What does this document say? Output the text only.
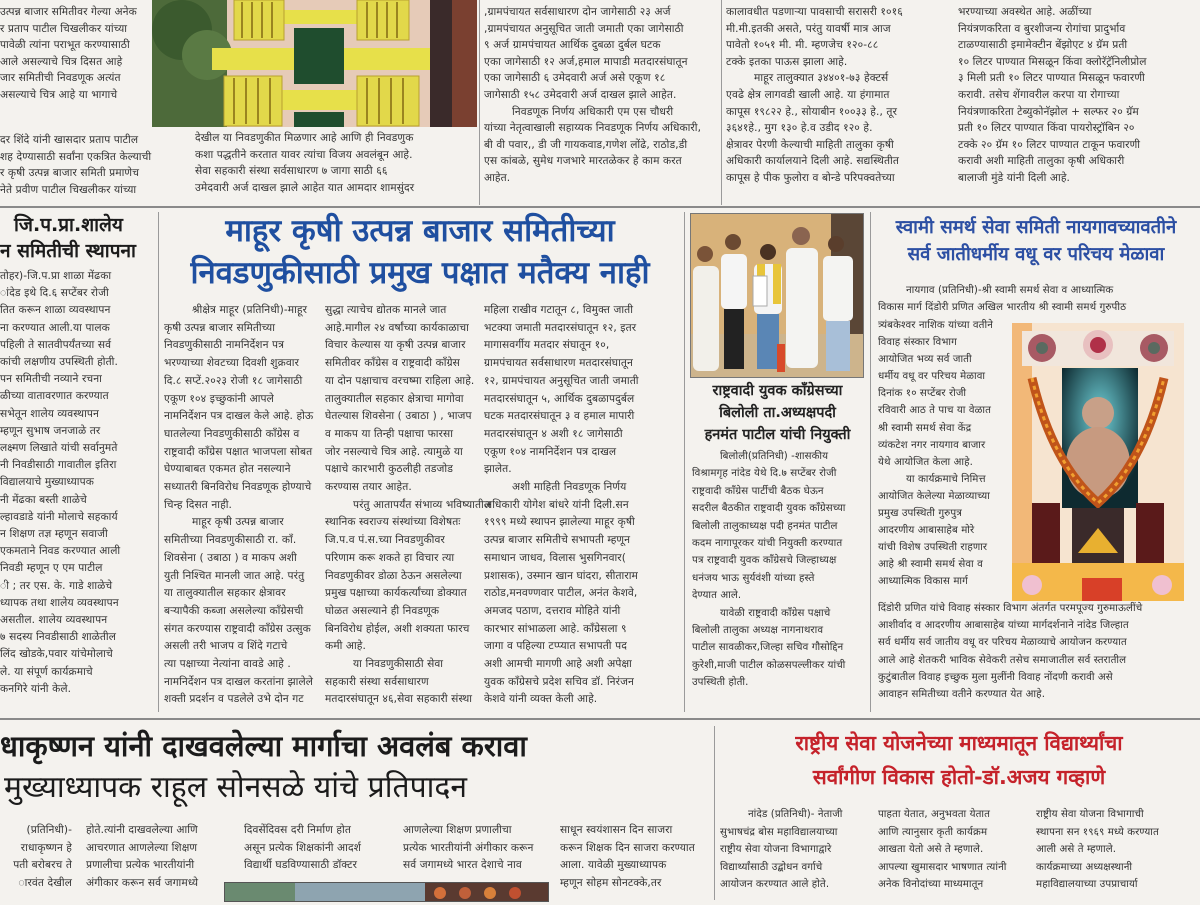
उत्पन्न बाजार समितीवर गेल्या अनेक

र प्रताप पाटील चिखलीकर यांच्या

पावेळी त्यांना पराभूत करण्यासाठी

आले असल्याचे चित्र दिसत आहे

जार समितीची निवडणूक अत्यंत

असल्याचे चित्र आहे या भागाचे

दर शिंदे यांनी खासदार प्रताप पाटील

शह देण्यासाठी सर्वांना एकत्रित केल्याची

र कृषी उत्पन्न बाजार समिती प्रमाणेच

नेते प्रवीण पाटील चिखलीकर यांच्या

देखील या निवडणुकीत मिळणार आहे आणि ही निवडणुक

कशा पद्धतीने करतात यावर त्यांचा विजय अवलंबून आहे.

सेवा सहकारी संस्था सर्वसाधारण ७ जागा साठी ६६

उमेदवारी अर्ज दाखल झाले आहेत यात आमदार शामसुंदर

,ग्रामपंचायत सर्वसाधारण दोन जागेसाठी २३ अर्ज

,ग्रामपंचायत अनुसूचित जाती जमाती एका जागेसाठी

९ अर्ज ग्रामपंचायत आर्थिक दुबळा दुर्बल घटक

एका जागेसाठी १२ अर्ज,हमाल मापाडी मतदारसंघातून

एका जागेसाठी ६ उमेदवारी अर्ज असे एकूण १८

जागेसाठी १५८ उमेदवारी अर्ज दाखल झाले आहेत.

निवडणूक निर्णय अधिकारी एम एस चौधरी

यांच्या नेतृत्वाखाली सहाय्यक निवडणूक निर्णय अधिकारी,

बी वी पवार,, डी जी गायकवाड,गणेश लोंढे, राठोड,डी

एस कांबळे, सुमेध गजभारे मारतळेकर हे काम करत

आहेत.

कालावधीत पडणाऱ्या पावसाची सरासरी १०१६

मी.मी.इतकी असते, परंतु यावर्षी मात्र आज

पावेतो १०५१ मी. मी. म्हणजेच १२०-८८

टक्के इतका पाऊस झाला आहे.

माहूर तालुक्यात ३४४०१-७३ हेक्टर्स

एवढे क्षेत्र लागवडी खाली आहे. या हंगामात

कापूस १९८२२ हे., सोयाबीन १००३३ हे., तूर

३६४१हे., मुग १३० हे.व उडीद १२० हे.

क्षेत्रावर पेरणी केल्याची माहिती तालुका कृषी

अधिकारी कार्यालयाने दिली आहे. सद्यस्थितीत

कापूस हे पीक फुलोरा व बोन्डे परिपक्वतेच्या

भरण्याच्या अवस्थेत आहे. अळींच्या

नियंत्रणकरिता व बुरशीजन्य रोगांचा प्रादुर्भाव

टाळण्यासाठी इमामेक्टीन बेंझोएट ४ ग्रॅम प्रती

१० लिटर पाण्यात मिसळून किंवा क्लोरॅट्रॅनिलीप्रोल

३ मिली प्रती १० लिटर पाण्यात मिसळून फवारणी

करावी. तसेच शेंगावरील करपा या रोगाच्या

नियंत्रणाकरिता टेब्युकोनॅझोल + सल्फर २० ग्रॅम

प्रती १० लिटर पाण्यात किंवा पायरोस्ट्रॉबिन २०

टक्के २० ग्रॅम १० लिटर पाण्यात टाकून फवारणी

करावी अशी माहिती तालुका कृषी अधिकारी

बालाजी मुंडे यांनी दिली आहे.

जि.प.प्रा.शालेय
न समितीची स्थापना

तोहर)-जि.प.प्रा शाळा मेंढका

ांदेड इथे दि.६ सप्टेंबर रोजी

तित करून शाळा व्यवस्थापन

ना करण्यात आली.या पालक

पहिली ते सातवीपर्यंतच्या सर्व

कांची लक्षणीय उपस्थिती होती.

पन समितीची नव्याने रचना

ळीच्या वातावरणात करण्यात

सभेतून शालेय व्यवस्थापन

म्हणून सुभाष जनजाळे तर

लक्ष्मण लिखाते यांची सर्वानुमते

नी निवडीसाठी गावातील इतिरा

विद्यालयाचे मुख्याध्यापक

नी मेंढका बस्ती शाळेचे

ल्हावडाडे यांनी मोलाचे सहकार्य

न शिक्षण तज्ञ म्हणून सवाजी

एकमताने निवड करण्यात आली

निवडी म्हणून ए एम पाटील

ी ; तर एस. के. गाडे शाळेचे

ध्यापक तथा शालेय व्यवस्थापन

असतील. शालेय व्यवस्थापन

७ सदस्य निवडीसाठी शाळेतील

लिंद खोडके,पवार यांचेमोलाचे

ले. या संपूर्ण कार्यक्रमाचे

कनगिरे यांनी केले.

माहूर कृषी उत्पन्न बाजार समितीच्या
निवडणुकीसाठी प्रमुख पक्षात मतैक्य नाही

श्रीक्षेत्र माहूर (प्रतिनिधी)-माहूर

कृषी उत्पन्न बाजार समितीच्या

निवडणुकीसाठी नामनिर्देशन पत्र

भरण्याच्या शेवटच्या दिवशी शुक्रवार

दि.८ सप्टें.२०२३ रोजी १८ जागेसाठी

एकूण १०४ इच्छुकांनी आपले

नामनिर्देशन पत्र दाखल केले आहे. होऊ

घातलेल्या निवडणुकीसाठी कॉंग्रेस व

राष्ट्रवादी कॉंग्रेस पक्षात भाजपला सोबत

घेण्याबाबत एकमत होत नसल्याने

सध्यातरी बिनविरोध निवडणूक होण्याचे

चिन्ह दिसत नाही.

माहूर कृषी उत्पन्न बाजार

समितीच्या निवडणुकीसाठी रा. कॉं.

शिवसेना ( उबाठा ) व माकप अशी

युती निश्चित मानली जात आहे. परंतु

या तालुक्यातील सहकार क्षेत्रावर

बऱ्यापैकी कब्जा असलेल्या कॉंग्रेसची

संगत करण्यास राष्ट्रवादी कॉंग्रेस उत्सुक

असली तरी भाजप व शिंदे गटाचे

त्या पक्षाच्या नेत्यांना वावडे आहे .

नामनिर्देशन पत्र दाखल करतांना झालेले

शक्ती प्रदर्शन व पडलेले उभे दोन गट

सुद्धा त्याचेच द्योतक मानले जात

आहे.मागील २४ वर्षांच्या कार्यकाळाचा

विचार केल्यास या कृषी उत्पन्न बाजार

समितीवर कॉंग्रेस व राष्ट्रवादी कॉंग्रेस

या दोन पक्षाचाच वरचष्मा राहिला आहे.

तालुक्यातील सहकार क्षेत्राचा मागोवा

घेतल्यास शिवसेना ( उबाठा ) , भाजप

व माकप या तिन्ही पक्षाचा फारसा

जोर नसल्याचे चित्र आहे. त्यामुळे या

पक्षाचे कारभारी कुठलीही तडजोड

करण्यास तयार आहेत.

परंतु आतापर्यंत संभाव्य भविष्यातील

स्थानिक स्वराज्य संस्थांच्या विशेषतः

जि.प.व पं.स.च्या निवडणुकीवर

परिणाम करू शकते हा विचार त्या

निवडणुकीवर डोळा ठेऊन असलेल्या

प्रमुख पक्षाच्या कार्यकर्त्यांच्या डोक्यात

घोळत असल्याने ही निवडणूक

बिनविरोध होईल, अशी शक्यता फारच

कमी आहे.

या निवडणुकीसाठी सेवा

सहकारी संस्था सर्वसाधारण

मतदारसंघातून ४६,सेवा सहकारी संस्था

महिला राखीव गटातून ८, विमुक्त जाती

भटक्या जमाती मतदारसंघातून १२, इतर

मागासवर्गीय मतदार संघातून १०,

ग्रामपंचायत सर्वसाधारण मतदारसंघातून

१२, ग्रामपंचायत अनुसूचित जाती जमाती

मतदारसंघातून ५, आर्थिक दुबळापदुर्बल

घटक मतदारसंघातून ३ व हमाल मापारी

मतदारसंघातून ४ अशी १८ जागेसाठी

एकूण १०४ नामनिर्देशन पत्र दाखल

झालेत.

अशी माहिती निवडणूक निर्णय

अधिकारी योगेश बांधरे यांनी दिली.सन

१९९९ मध्ये स्थापन झालेल्या माहूर कृषी

उत्पन्न बाजार समितीचे सभापती म्हणून

समाधान जाधव, विलास भुसगिनवार(

प्रशासक), उस्मान खान घांदरा, सीताराम

राठोड,मनवण्णवार पाटील, अनंत केशवे,

अमजद पठाण, दत्तराव मोहिते यांनी

कारभार सांभाळला आहे. कॉंग्रेसला ९

जागा व पहिल्या टप्प्यात सभापती पद

अशी आमची मागणी आहे अशी अपेक्षा

युवक कॉंग्रेसचे प्रदेश सचिव डॉ. निरंजन

केशवे यांनी व्यक्त केली आहे.

राष्ट्रवादी युवक कॉंग्रेसच्या
बिलोली ता.अध्यक्षपदी
हनमंत पाटील यांची नियुक्ती

बिलोली(प्रतिनिधी) -शासकीय

विश्रामगृह नांदेड येथे दि.७ सप्टेंबर रोजी

राष्ट्रवादी कॉंग्रेस पार्टीची बैठक घेऊन

सदरील बैठकीत राष्ट्रवादी युवक कॉंग्रेसच्या

बिलोली तालुकाध्यक्ष पदी हनमंत पाटील

कदम नागापूरकर यांची नियुक्ती करण्यात

पत्र राष्ट्रवादी युवक कॉंग्रेसचे जिल्हाध्यक्ष

धनंजय भाऊ सुर्यवंशी यांच्या हस्ते

देण्यात आले.

यावेळी राष्ट्रवादी कॉंग्रेस पक्षाचे

बिलोली तालुका अध्यक्ष नागनाथराव

पाटील सावळीकर,जिल्हा सचिव गौसोद्दिन

कुरेशी,माजी पाटील कोळसपल्लीकर यांची

उपस्थिती होती.

स्वामी समर्थ सेवा समिती नायगावच्यावतीने
सर्व जातीधर्मीय वधू वर परिचय मेळावा

नायगाव (प्रतिनिधी)-श्री स्वामी समर्थ सेवा व आध्यात्मिक

विकास मार्ग दिंडोरी प्रणित अखिल भारतीय श्री स्वामी समर्थ गुरुपीठ

त्र्यंबकेश्वर नाशिक यांच्या वतीने

विवाह संस्कार विभाग

आयोजित भव्य सर्व जाती

धर्मीय वधू वर परिचय मेळावा

दिनांक १० सप्टेंबर रोजी

रविवारी आठ ते पाच या वेळात

श्री स्वामी समर्थ सेवा केंद्र

व्यंकटेश नगर नायगाव बाजार

येथे आयोजित केला आहे.

या कार्यक्रमाचे निमित्त

आयोजित केलेल्या मेळाव्याच्या

प्रमुख उपस्थिती गुरुपुत्र

आदरणीय आबासाहेब मोरे

यांची विशेष उपस्थिती राहणार

आहे श्री स्वामी समर्थ सेवा व

आध्यात्मिक विकास मार्ग

दिंडोरी प्रणित यांचे विवाह संस्कार विभाग अंतर्गत परमपूज्य गुरुमाऊलींचे

आशीर्वाद व आदरणीय आबासाहेब यांच्या मार्गदर्शनाने नांदेड जिल्हात

सर्व धर्मीय सर्व जातीय वधू वर परिचय मेळाव्याचे आयोजन करण्यात

आले आहे शेतकरी भाविक सेवेकरी तसेच समाजातील सर्व स्तरातील

कुटुंबातील विवाह इच्छुक मुला मुलींनी विवाह नोंदणी करावी असे

आवाहन समितीच्या वतीने करण्यात येत आहे.

धाकृष्णन यांनी दाखवलेल्या मार्गाचा अवलंब करावा
मुख्याध्यापक राहूल सोनसळे यांचे प्रतिपादन

(प्रतिनिधी)-

राधाकृष्णन हे

पती बरोबरच ते

ारवंत देखील

होते.त्यांनी दाखवलेल्या आणि

आचरणात आणलेल्या शिक्षण

प्रणालीचा प्रत्येक भारतीयांनी

अंगीकार करून सर्व जगामध्ये

दिवसेंदिवस दरी निर्माण होत

असून प्रत्येक शिक्षकांनी आदर्श

विद्यार्थी घडविण्यासाठी डॉक्टर

आणलेल्या शिक्षण प्रणालीचा

प्रत्येक भारतीयांनी अंगीकार करून

सर्व जगामध्ये भारत देशाचे नाव

साधून स्वयंशासन दिन साजरा

करून शिक्षक दिन साजरा करण्यात

आला. यावेळी मुख्याध्यापक

म्हणून सोहम सोनटक्के,तर

राष्ट्रीय सेवा योजनेच्या माध्यमातून विद्यार्थ्यांचा
सर्वांगीण विकास होतो-डॉ.अजय गव्हाणे

नांदेड (प्रतिनिधी)- नेताजी

सुभाषचंद्र बोस महाविद्यालयाच्या

राष्ट्रीय सेवा योजना विभागाद्वारे

विद्यार्थ्यांसाठी उद्बोधन वर्गाचे

आयोजन करण्यात आले होते.

पाहता येतात, अनुभवता येतात

आणि त्यानुसार कृती कार्यक्रम

आखता येतो असे ते म्हणाले.

आपल्या खुमासदार भाषणात त्यांनी

अनेक विनोदांच्या माध्यमातून

राष्ट्रीय सेवा योजना विभागाची

स्थापना सन १९६९ मध्ये करण्यात

आली असे ते म्हणाले.

कार्यक्रमाच्या अध्यक्षस्थानी

महाविद्यालयाच्या उपप्राचार्या
